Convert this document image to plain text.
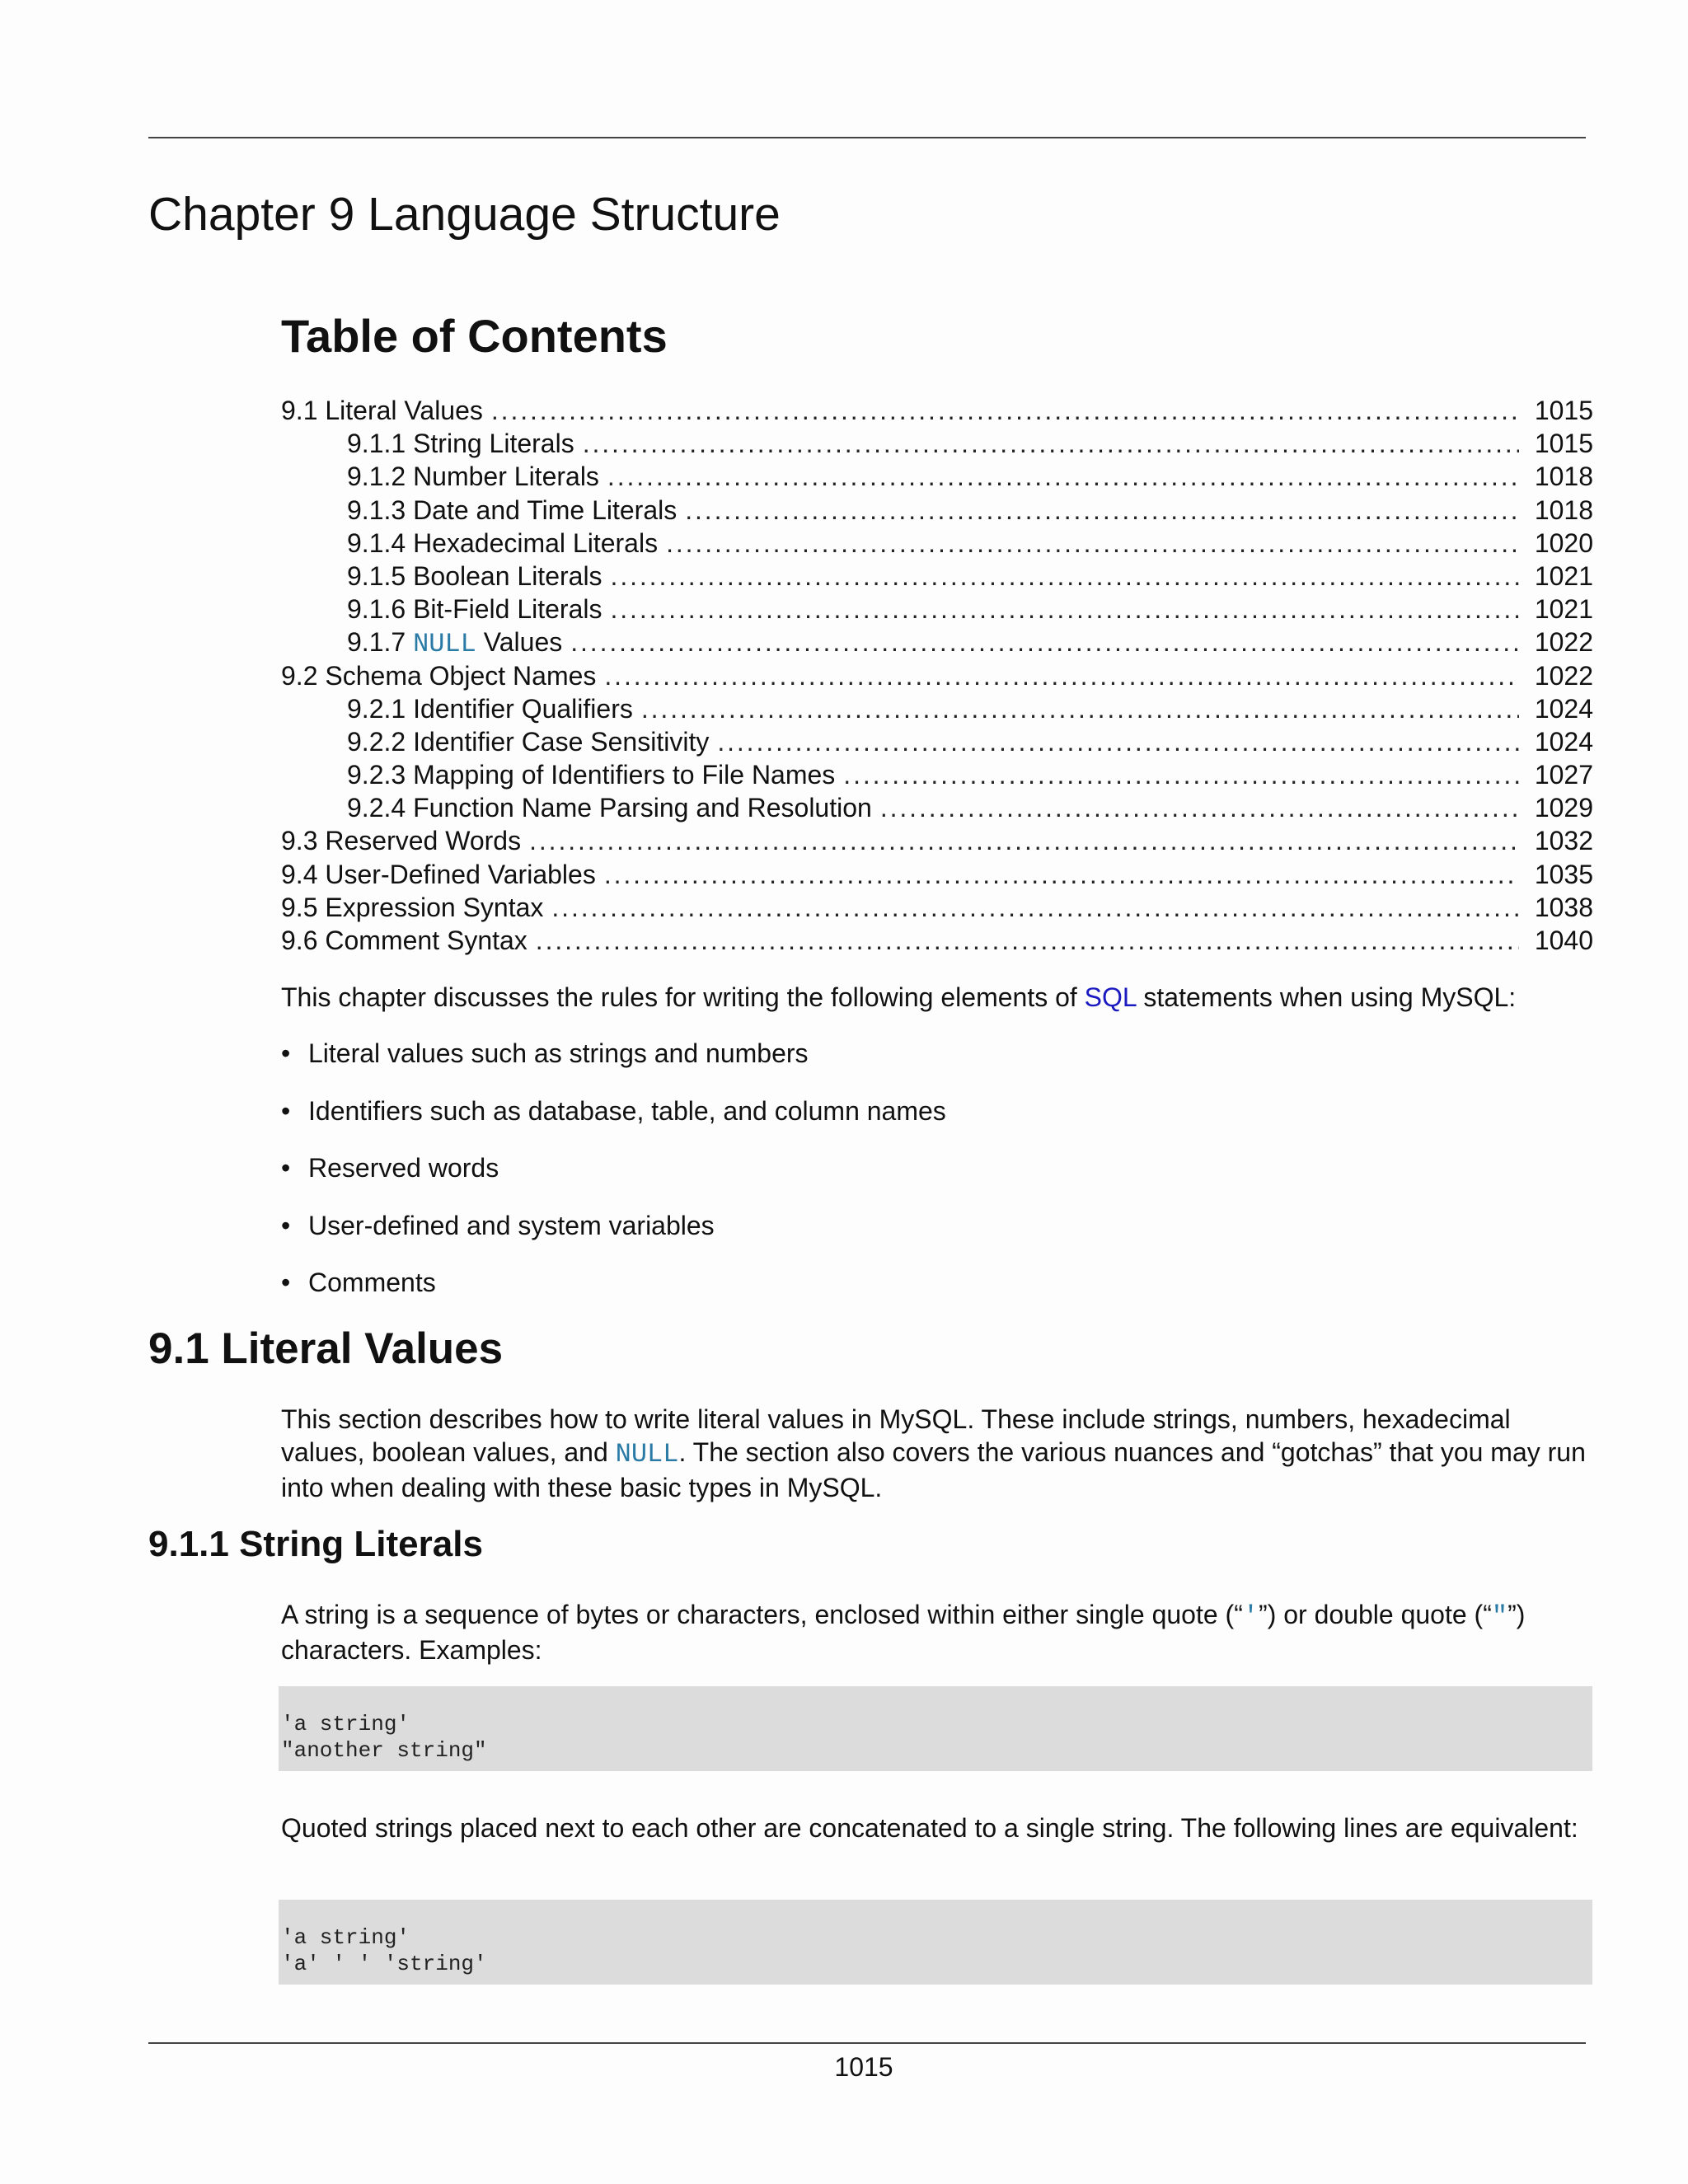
Chapter 9 Language Structure
Table of Contents
9.1 Literal Values . . .	1015
9.1.1 String Literals . . .	1015
9.1.2 Number Literals . . .	1018
9.1.3 Date and Time Literals . . .	1018
9.1.4 Hexadecimal Literals . . .	1020
9.1.5 Boolean Literals . . .	1021
9.1.6 Bit-Field Literals . . .	1021
9.1.7 NULL Values . . .	1022
9.2 Schema Object Names . . .	1022
9.2.1 Identifier Qualifiers . . .	1024
9.2.2 Identifier Case Sensitivity . . .	1024
9.2.3 Mapping of Identifiers to File Names . . .	1027
9.2.4 Function Name Parsing and Resolution . . .	1029
9.3 Reserved Words . . .	1032
9.4 User-Defined Variables . . .	1035
9.5 Expression Syntax . . .	1038
9.6 Comment Syntax . . .	1040

This chapter discusses the rules for writing the following elements of SQL statements when using MySQL:

• Literal values such as strings and numbers
• Identifiers such as database, table, and column names
• Reserved words
• User-defined and system variables
• Comments
9.1 Literal Values

This section describes how to write literal values in MySQL. These include strings, numbers, hexadecimal values, boolean values, and NULL. The section also covers the various nuances and “gotchas” that you may run into when dealing with these basic types in MySQL.

9.1.1 String Literals

A string is a sequence of bytes or characters, enclosed within either single quote (“'”) or double quote (“"”) characters. Examples:

'a string'
"another string"

Quoted strings placed next to each other are concatenated to a single string. The following lines are equivalent:

'a string'
'a' ' ' 'string'
1015
